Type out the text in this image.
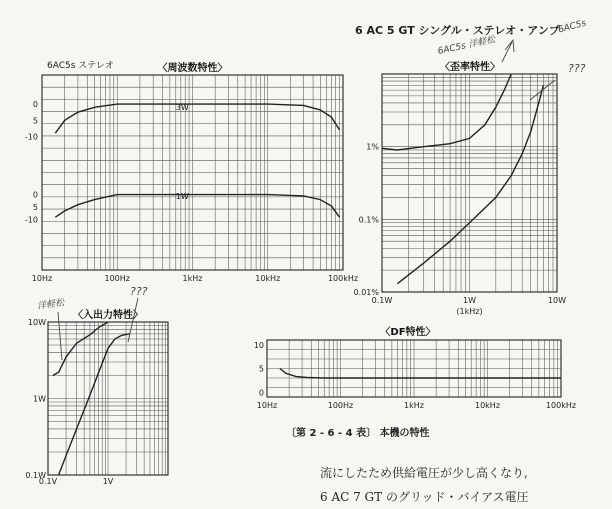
6 AC 5 GT シングル・ステレオ・アンプ
6AC5s ステレオ
〔第 2 - 6 - 4 表〕 本機の特性
流にしたため供給電圧が少し高くなり,
6 AC 7 GT のグリッド・バイアス電圧
6AC5s 洋軽松
6AC5s
???
洋軽松
???
〈周波数特性〉
10Hz	100Hz	1kHz	10kHz	100kHz
0
5
-10
3W
0
5
-10
1W
〈歪率特性〉
0.1W	1W	10W
(1kHz)
1%
0.1%
0.01%
〈入出力特性〉
0.1V	1V
10W
1W
0.1W
〈DF特性〉
10Hz	100Hz	1kHz	10kHz	100kHz
10
5
0
